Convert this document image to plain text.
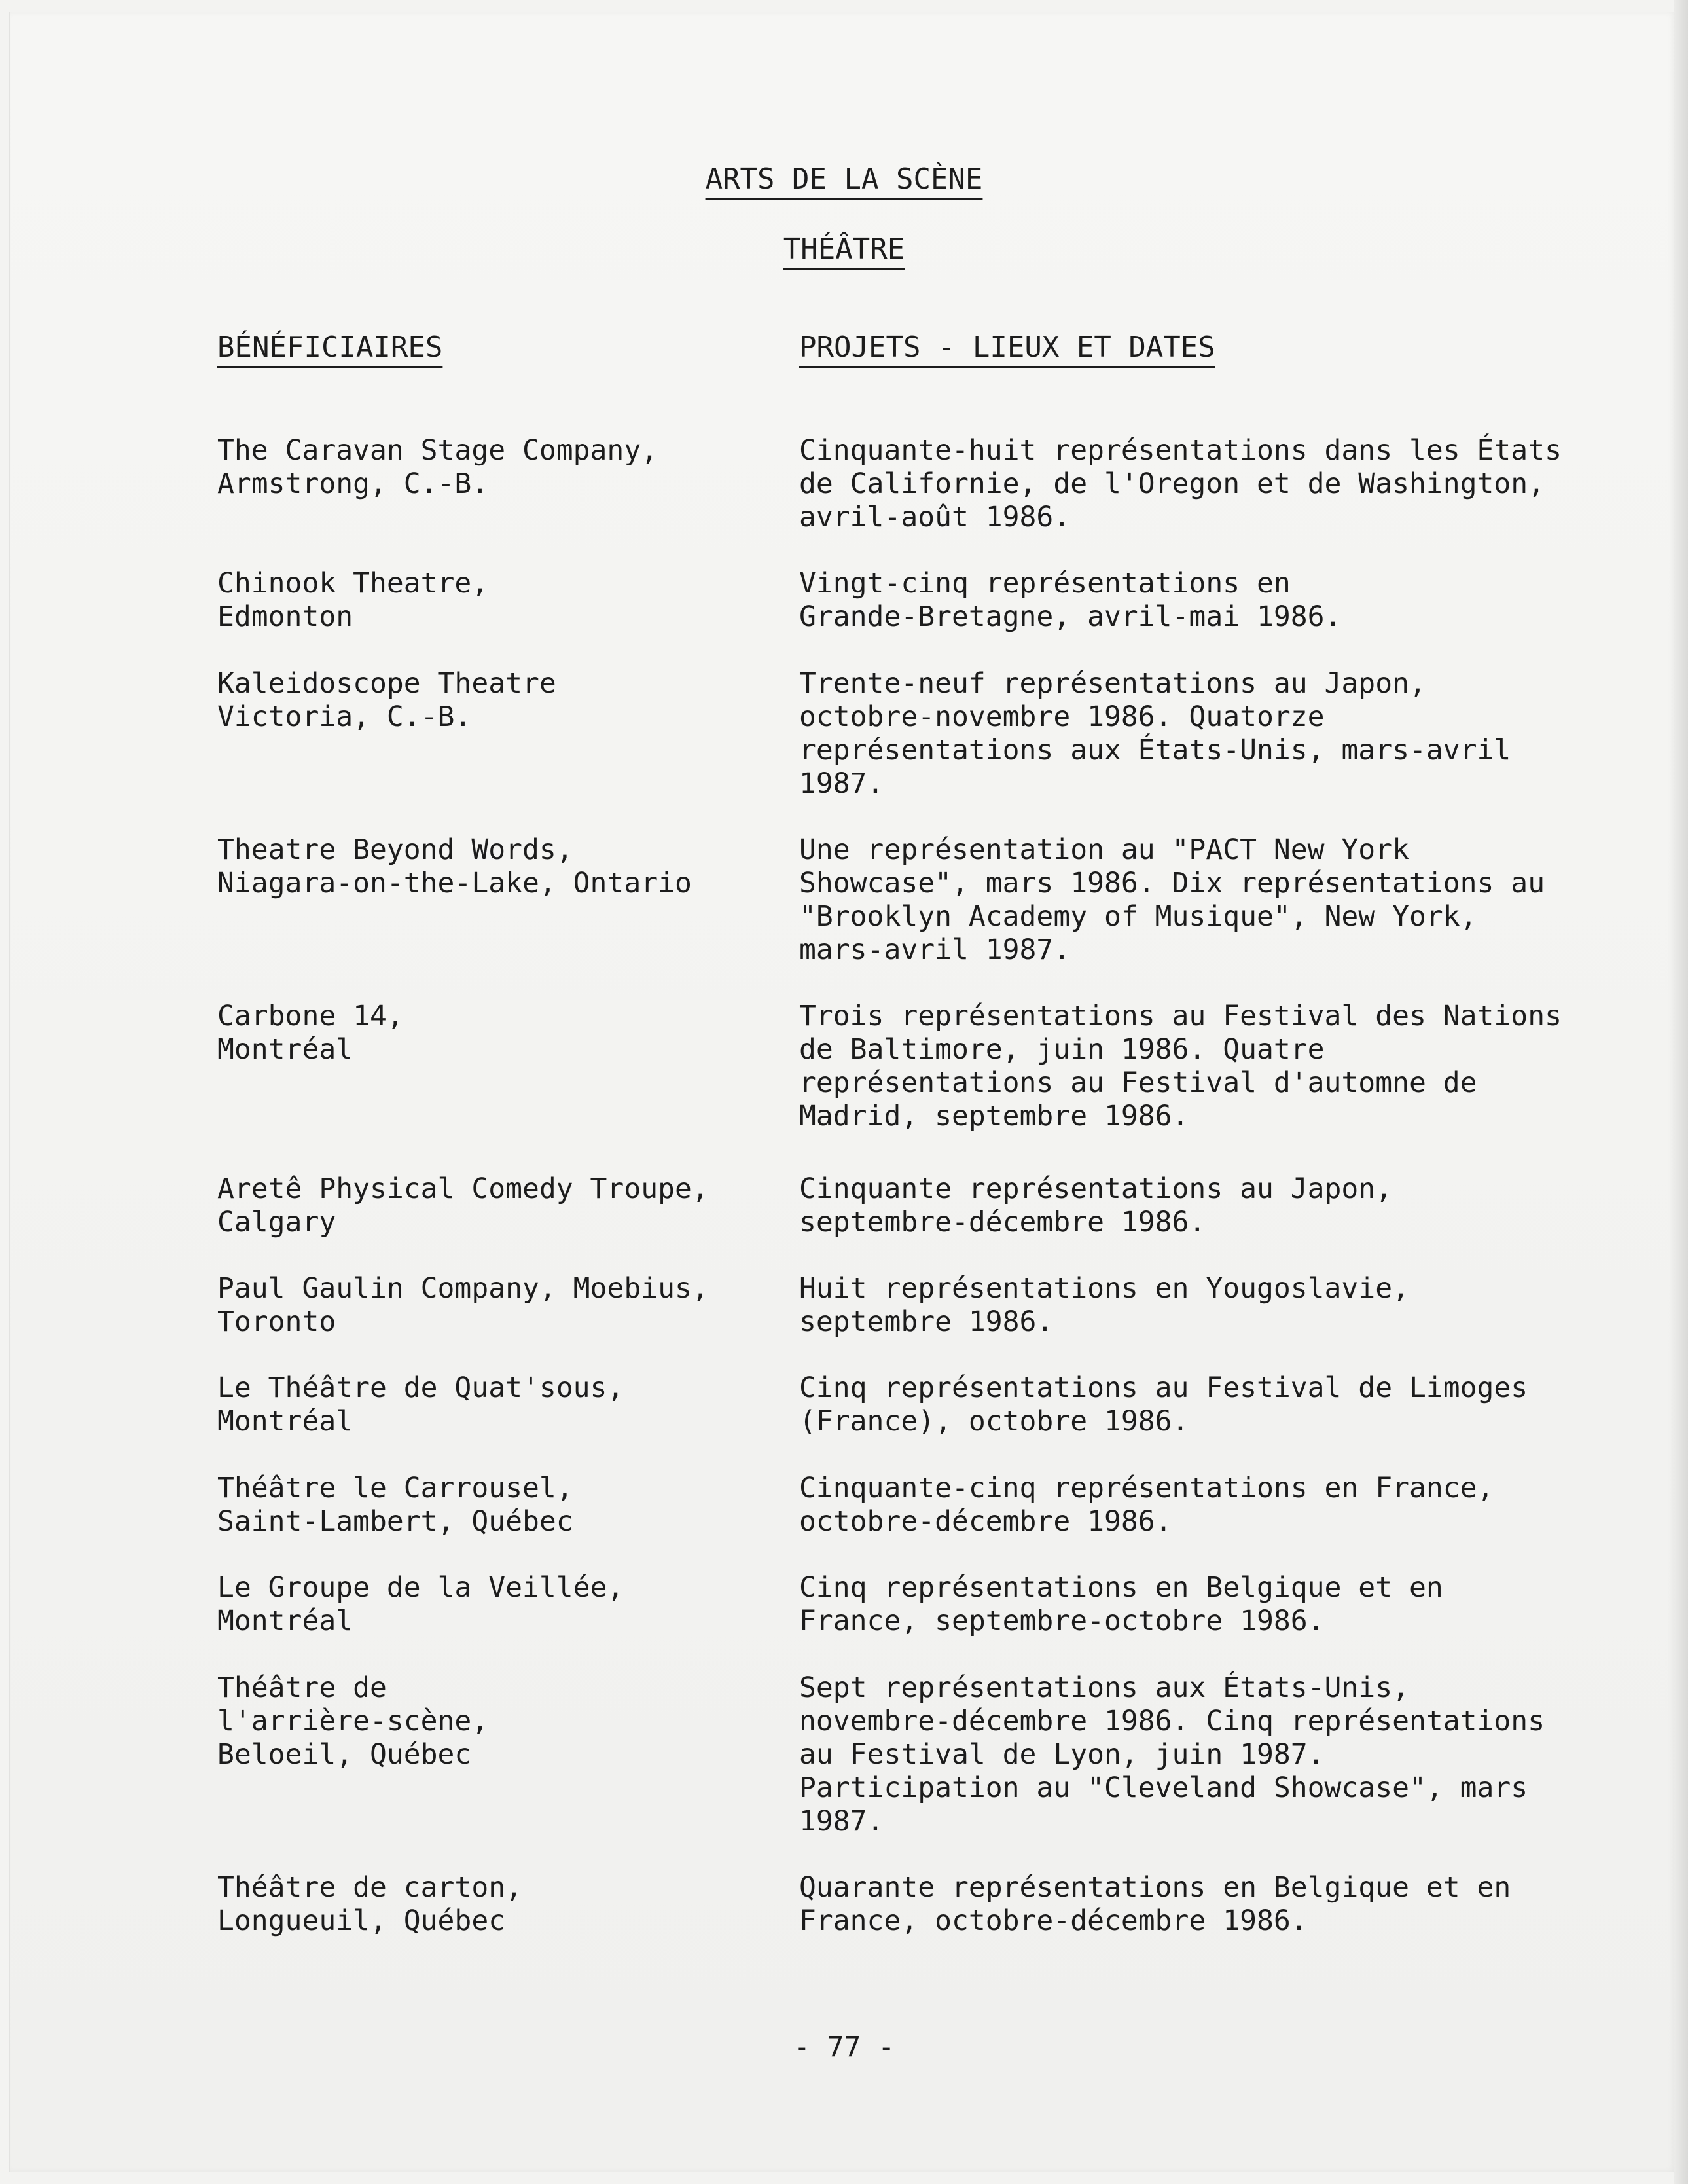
ARTS DE LA SCÈNE
THÉÂTRE
BÉNÉFICIAIRES	PROJETS - LIEUX ET DATES
The Caravan Stage Company,
Armstrong, C.-B.
Cinquante-huit représentations dans les États
de Californie, de l'Oregon et de Washington,
avril-août 1986.
Chinook Theatre,
Edmonton
Vingt-cinq représentations en
Grande-Bretagne, avril-mai 1986.
Kaleidoscope Theatre
Victoria, C.-B.
Trente-neuf représentations au Japon,
octobre-novembre 1986. Quatorze
représentations aux États-Unis, mars-avril
1987.
Theatre Beyond Words,
Niagara-on-the-Lake, Ontario
Une représentation au "PACT New York
Showcase", mars 1986. Dix représentations au
"Brooklyn Academy of Musique", New York,
mars-avril 1987.
Carbone 14,
Montréal
Trois représentations au Festival des Nations
de Baltimore, juin 1986. Quatre
représentations au Festival d'automne de
Madrid, septembre 1986.
Aretê Physical Comedy Troupe,
Calgary
Cinquante représentations au Japon,
septembre-décembre 1986.
Paul Gaulin Company, Moebius,
Toronto
Huit représentations en Yougoslavie,
septembre 1986.
Le Théâtre de Quat'sous,
Montréal
Cinq représentations au Festival de Limoges
(France), octobre 1986.
Théâtre le Carrousel,
Saint-Lambert, Québec
Cinquante-cinq représentations en France,
octobre-décembre 1986.
Le Groupe de la Veillée,
Montréal
Cinq représentations en Belgique et en
France, septembre-octobre 1986.
Théâtre de
l'arrière-scène,
Beloeil, Québec
Sept représentations aux États-Unis,
novembre-décembre 1986. Cinq représentations
au Festival de Lyon, juin 1987.
Participation au "Cleveland Showcase", mars
1987.
Théâtre de carton,
Longueuil, Québec
Quarante représentations en Belgique et en
France, octobre-décembre 1986.
- 77 -
